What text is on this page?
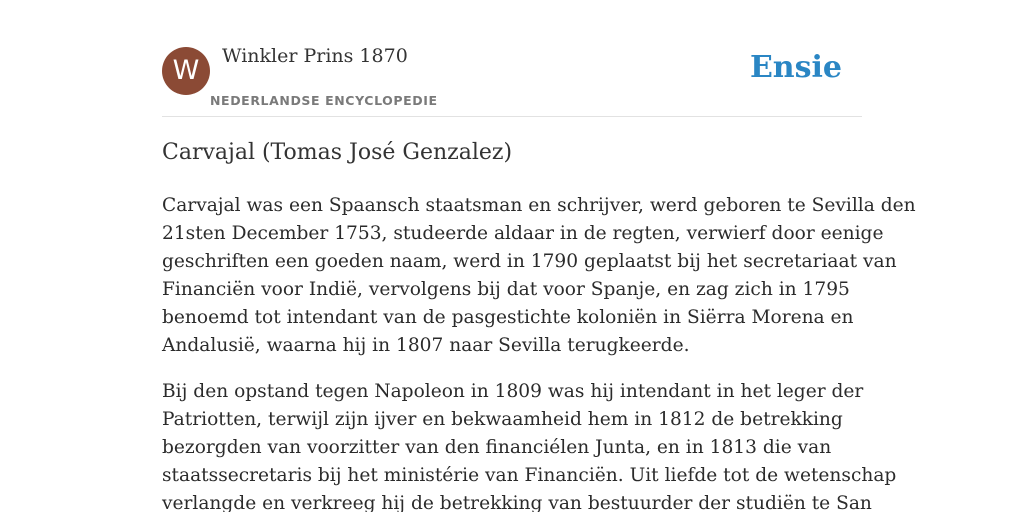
W	Winkler Prins 1870
NEDERLANDSE ENCYCLOPEDIE
Ensie
Carvajal (Tomas José Genzalez)

Carvajal was een Spaansch staatsman en schrijver, werd geboren te Sevilla den
21sten December 1753, studeerde aldaar in de regten, verwierf door eenige
geschriften een goeden naam, werd in 1790 geplaatst bij het secretariaat van
Financiën voor Indië, vervolgens bij dat voor Spanje, en zag zich in 1795
benoemd tot intendant van de pasgestichte koloniën in Siërra Morena en
Andalusië, waarna hij in 1807 naar Sevilla terugkeerde.

Bij den opstand tegen Napoleon in 1809 was hij intendant in het leger der
Patriotten, terwijl zijn ijver en bekwaamheid hem in 1812 de betrekking
bezorgden van voorzitter van den financiélen Junta, en in 1813 die van
staatssecretaris bij het ministérie van Financiën. Uit liefde tot de wetenschap
verlangde en verkreeg hij de betrekking van bestuurder der studiën te San
